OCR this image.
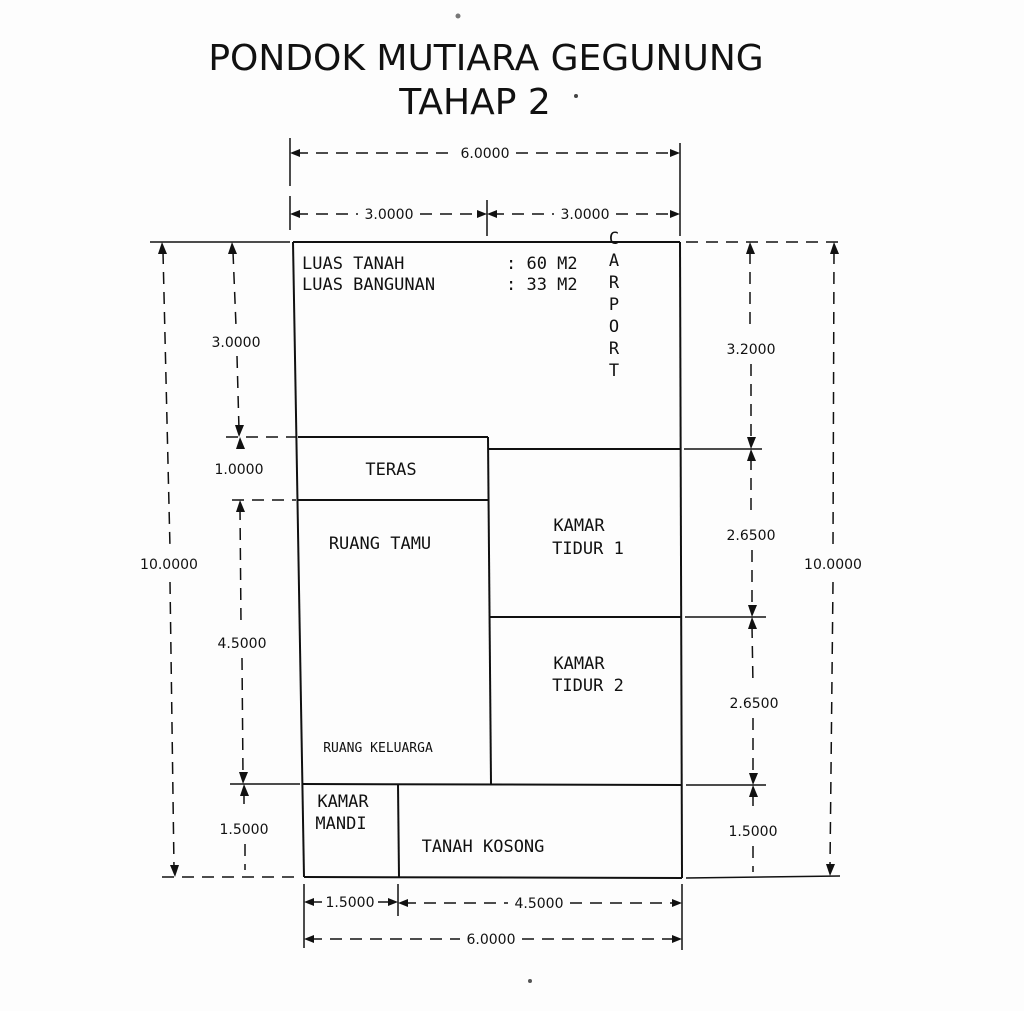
PONDOK MUTIARA GEGUNUNG
TAHAP 2
LUAS TANAH	: 60 M2
LUAS BANGUNAN	: 33 M2 CARPORT
TERAS
RUANG TAMU
RUANG KELUARGA
KAMAR
TIDUR 1
KAMAR
TIDUR 2
KAMAR
MANDI
TANAH KOSONG
6.0000
3.0000	3.0000
3.0000
1.0000
10.0000
4.5000
1.5000
3.2000
2.6500
10.0000
2.6500
1.5000
1.5000	4.5000
6.0000
